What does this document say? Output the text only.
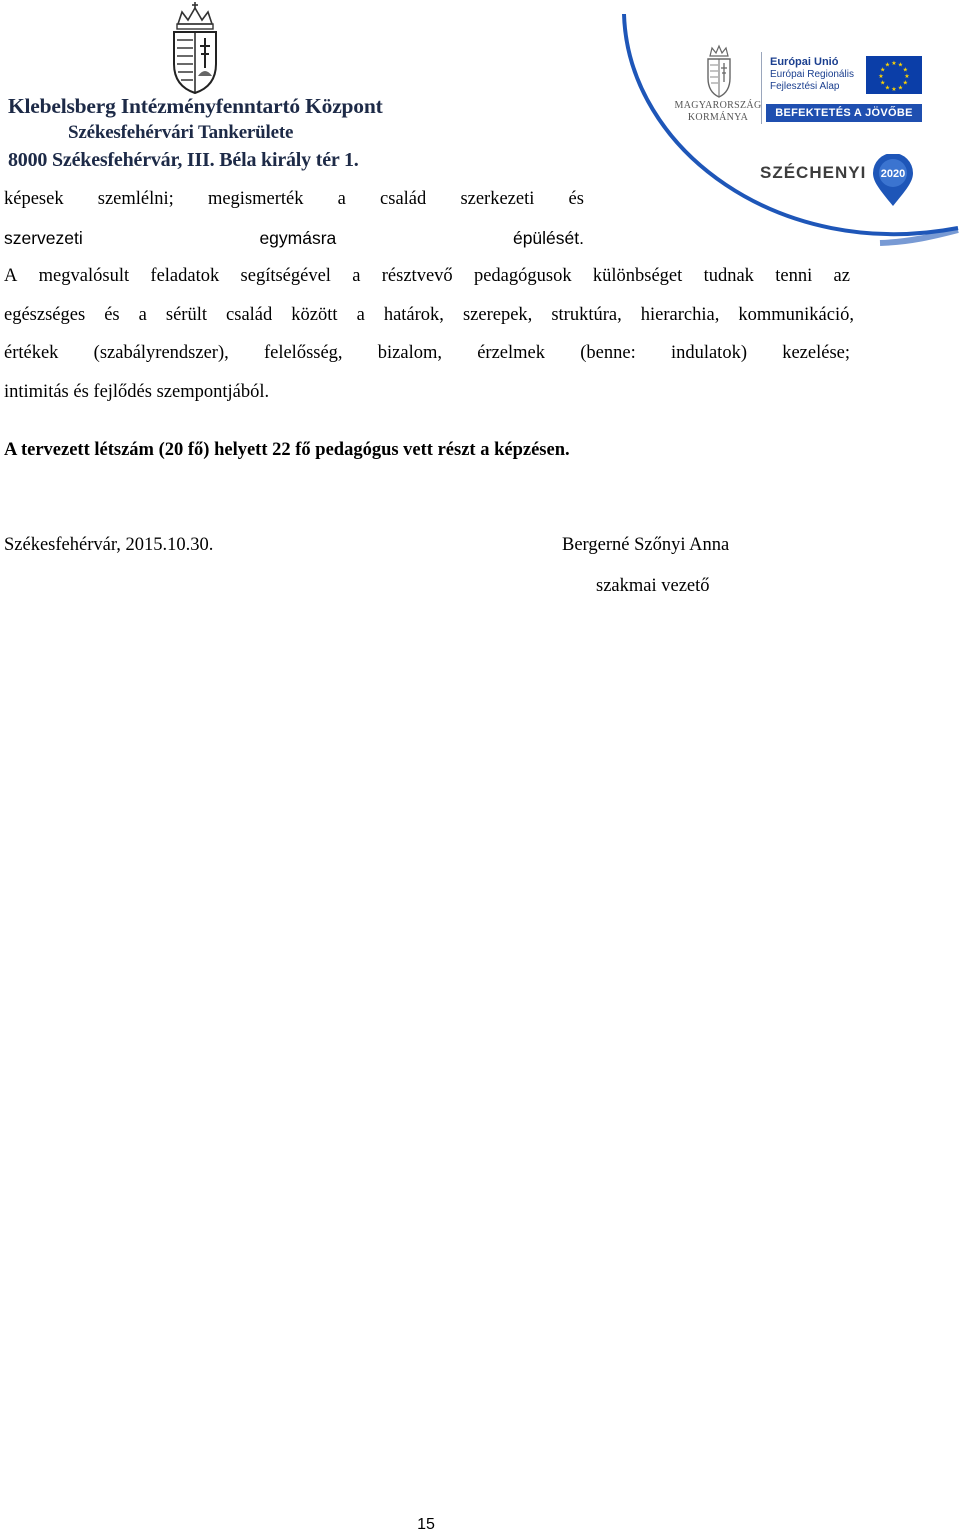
Klebelsberg Intézményfenntartó Központ
Székesfehérvári Tankerülete
8000 Székesfehérvár, III. Béla király tér 1.
MAGYARORSZÁG
KORMÁNYA
Európai Unió
Európai Regionális
Fejlesztési Alap
★ ★
★
★
★
★
★
★
★
★
★
★
BEFEKTETÉS A JÖVŐBE
SZÉCHENYI 2020
képesek szemlélni; megismerték a család szerkezeti és
szervezeti	egymásra	épülését.
A megvalósult feladatok segítségével a résztvevő pedagógusok különbséget tudnak tenni az
egészséges és a sérült család között a határok, szerepek, struktúra, hierarchia, kommunikáció,
értékek (szabályrendszer), felelősség, bizalom, érzelmek (benne: indulatok) kezelése;
intimitás és fejlődés szempontjából.
A tervezett létszám (20 fő) helyett 22 fő pedagógus vett részt a képzésen.
Székesfehérvár, 2015.10.30.	Bergerné Szőnyi Anna
szakmai vezető
15
